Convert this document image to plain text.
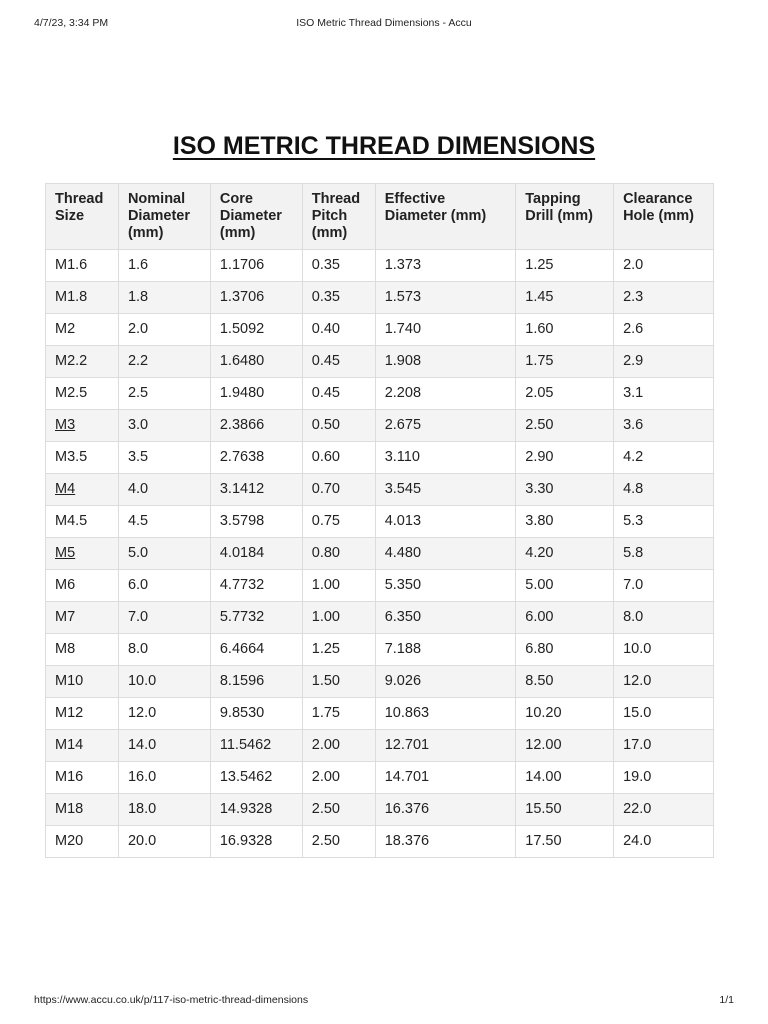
4/7/23, 3:34 PM	ISO Metric Thread Dimensions - Accu
ISO METRIC THREAD DIMENSIONS
Thread Size	Nominal Diameter (mm)	Core Diameter (mm)	Thread Pitch (mm)	Effective Diameter (mm)	Tapping Drill (mm)	Clearance Hole (mm)
M1.6	1.6	1.1706	0.35	1.373	1.25	2.0
M1.8	1.8	1.3706	0.35	1.573	1.45	2.3
M2	2.0	1.5092	0.40	1.740	1.60	2.6
M2.2	2.2	1.6480	0.45	1.908	1.75	2.9
M2.5	2.5	1.9480	0.45	2.208	2.05	3.1
M3	3.0	2.3866	0.50	2.675	2.50	3.6
M3.5	3.5	2.7638	0.60	3.110	2.90	4.2
M4	4.0	3.1412	0.70	3.545	3.30	4.8
M4.5	4.5	3.5798	0.75	4.013	3.80	5.3
M5	5.0	4.0184	0.80	4.480	4.20	5.8
M6	6.0	4.7732	1.00	5.350	5.00	7.0
M7	7.0	5.7732	1.00	6.350	6.00	8.0
M8	8.0	6.4664	1.25	7.188	6.80	10.0
M10	10.0	8.1596	1.50	9.026	8.50	12.0
M12	12.0	9.8530	1.75	10.863	10.20	15.0
M14	14.0	11.5462	2.00	12.701	12.00	17.0
M16	16.0	13.5462	2.00	14.701	14.00	19.0
M18	18.0	14.9328	2.50	16.376	15.50	22.0
M20	20.0	16.9328	2.50	18.376	17.50	24.0
https://www.accu.co.uk/p/117-iso-metric-thread-dimensions	1/1
